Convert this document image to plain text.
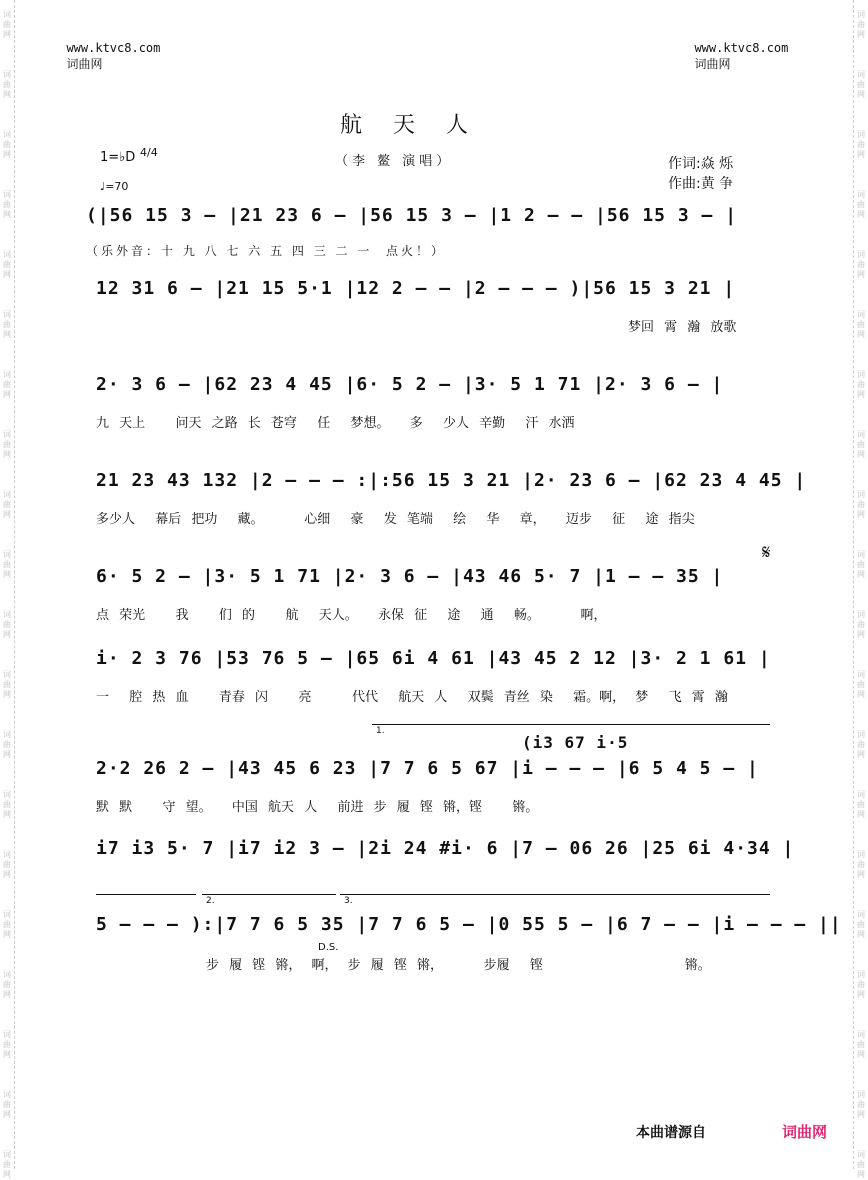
词 曲 网
词 曲 网
词 曲 网
词 曲 网
词 曲 网
词 曲 网
词 曲 网
词 曲 网
词 曲 网
词 曲 网
词 曲 网
词 曲 网
词 曲 网
词 曲 网
词 曲 网
词 曲 网
词 曲 网
词 曲 网
词 曲 网
词 曲 网
词 曲 网
词 曲 网
词 曲 网
词 曲 网
词 曲 网
词 曲 网
词 曲 网
词 曲 网
词 曲 网
词 曲 网
词 曲 网
词 曲 网
词 曲 网
词 曲 网
词 曲 网
词 曲 网
词 曲 网
词 曲 网
词 曲 网
词 曲 网

www.ktvc8.com
词曲网

www.ktvc8.com
词曲网

航 天 人
（李 鳌 演唱）
1=♭D 4/4
♩=70
作词:焱 烁
作曲:黄 争
(|56 15 3 – |21 23 6 – |56 15 3 – |1 2 – – |56 15 3 – |
（乐外音：十 九 八 七 六 五 四 三 二 一  点火！）
12 31 6 – |21 15 5·1 |12 2 – – |2 – – – )|56 15 3 21 |
梦回 霄 瀚 放歌
2· 3 6 – |62 23 4 45 |6· 5 2 – |3· 5 1 71 |2· 3 6 – |
九 天上   问天 之路 长 苍穹  任  梦想。  多  少人 辛勤  汗 水洒
21 23 43 132 |2 – – – :|:56 15 3 21 |2· 23 6 – |62 23 4 45 |
多少人  幕后 把功  藏。    心细  豪  发 笔端  绘  华  章，  迈步  征  途 指尖
6· 5 2 – |3· 5 1 71 |2· 3 6 – |43 46 5· 7 |1 – – 35 |
点 荣光   我   们 的   航  天人。  永保 征  途  通  畅。    啊，
𝄋
i· 2 3 76 |53 76 5 – |65 6i 4 61 |43 45 2 12 |3· 2 1 61 |
一  腔 热 血   青春 闪   亮    代代  航天 人  双鬓 青丝 染  霜。啊， 梦  飞 霄 瀚
1.
(i3 67 i·5
2·2 26 2 – |43 45 6 23 |7 7 6 5 67 |i – – – |6 5 4 5 – |
默 默   守 望。  中国 航天 人  前进 步 履 铿 锵，铿   锵。
i7 i3 5· 7 |i7 i2 3 – |2i 24 #i· 6 |7 – 06 26 |25 6i 4·34 |
2.	3.
5 – – – ):|7 7 6 5 35 |7 7 6 5 – |0 55 5 – |6 7 – – |i – – – ||
D.S.
步 履 铿 锵， 啊， 步 履 铿 锵，    步履  铿              锵。
本曲谱源自	词曲网
